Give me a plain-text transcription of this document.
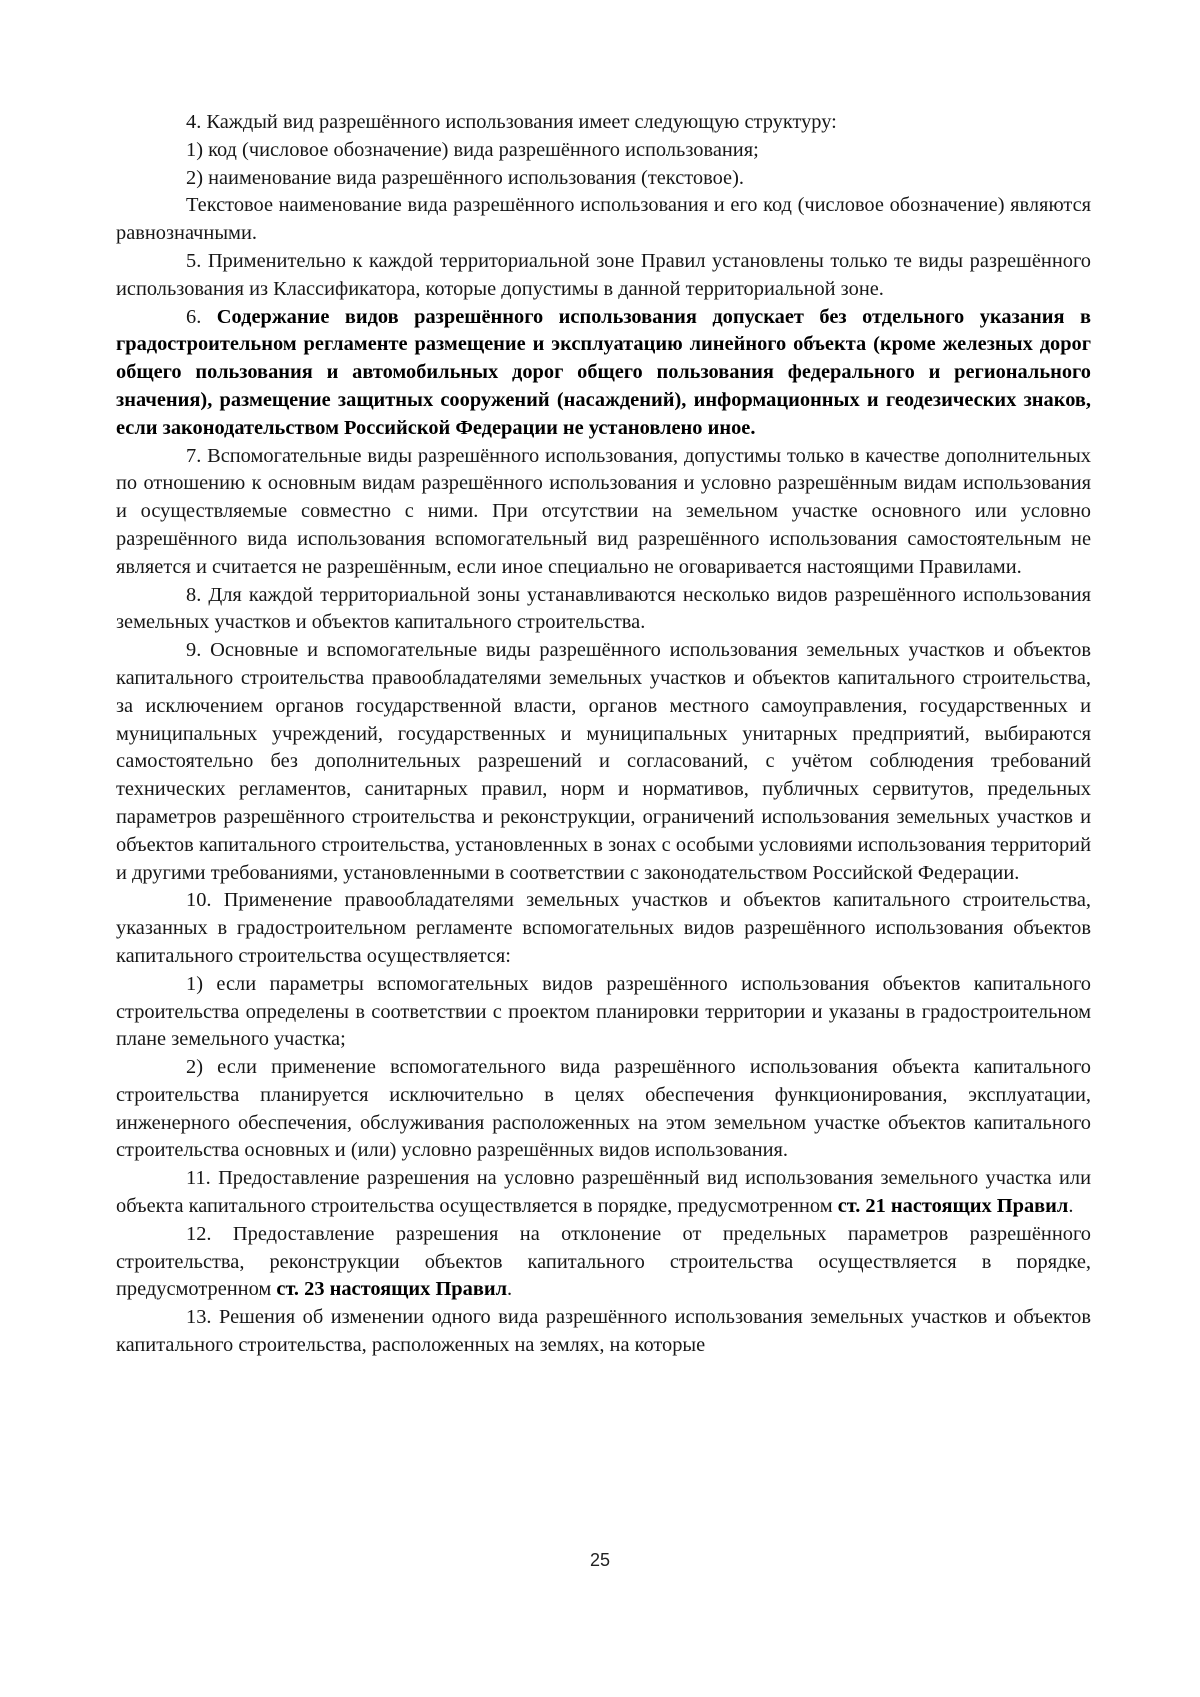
4. Каждый вид разрешённого использования имеет следующую структуру:

1) код (числовое обозначение) вида разрешённого использования;

2) наименование вида разрешённого использования (текстовое).

Текстовое наименование вида разрешённого использования и его код (числовое обозначение) являются равнозначными.

5. Применительно к каждой территориальной зоне Правил установлены только те виды разрешённого использования из Классификатора, которые допустимы в данной территориальной зоне.

6. Содержание видов разрешённого использования допускает без отдельного указания в градостроительном регламенте размещение и эксплуатацию линейного объекта (кроме железных дорог общего пользования и автомобильных дорог общего пользования федерального и регионального значения), размещение защитных сооружений (насаждений), информационных и геодезических знаков, если законодательством Российской Федерации не установлено иное.

7. Вспомогательные виды разрешённого использования, допустимы только в качестве дополнительных по отношению к основным видам разрешённого использования и условно разрешённым видам использования и осуществляемые совместно с ними. При отсутствии на земельном участке основного или условно разрешённого вида использования вспомогательный вид разрешённого использования самостоятельным не является и считается не разрешённым, если иное специально не оговаривается настоящими Правилами.

8. Для каждой территориальной зоны устанавливаются несколько видов разрешённого использования земельных участков и объектов капитального строительства.

9. Основные и вспомогательные виды разрешённого использования земельных участков и объектов капитального строительства правообладателями земельных участков и объектов капитального строительства, за исключением органов государственной власти, органов местного самоуправления, государственных и муниципальных учреждений, государственных и муниципальных унитарных предприятий, выбираются самостоятельно без дополнительных разрешений и согласований, с учётом соблюдения требований технических регламентов, санитарных правил, норм и нормативов, публичных сервитутов, предельных параметров разрешённого строительства и реконструкции, ограничений использования земельных участков и объектов капитального строительства, установленных в зонах с особыми условиями использования территорий и другими требованиями, установленными в соответствии с законодательством Российской Федерации.

10. Применение правообладателями земельных участков и объектов капитального строительства, указанных в градостроительном регламенте вспомогательных видов разрешённого использования объектов капитального строительства осуществляется:

1) если параметры вспомогательных видов разрешённого использования объектов капитального строительства определены в соответствии с проектом планировки территории и указаны в градостроительном плане земельного участка;

2) если применение вспомогательного вида разрешённого использования объекта капитального строительства планируется исключительно в целях обеспечения функционирования, эксплуатации, инженерного обеспечения, обслуживания расположенных на этом земельном участке объектов капитального строительства основных и (или) условно разрешённых видов использования.

11. Предоставление разрешения на условно разрешённый вид использования земельного участка или объекта капитального строительства осуществляется в порядке, предусмотренном ст. 21 настоящих Правил.

12. Предоставление разрешения на отклонение от предельных параметров разрешённого строительства, реконструкции объектов капитального строительства осуществляется в порядке, предусмотренном ст. 23 настоящих Правил.

13. Решения об изменении одного вида разрешённого использования земельных участков и объектов капитального строительства, расположенных на землях, на которые

25
